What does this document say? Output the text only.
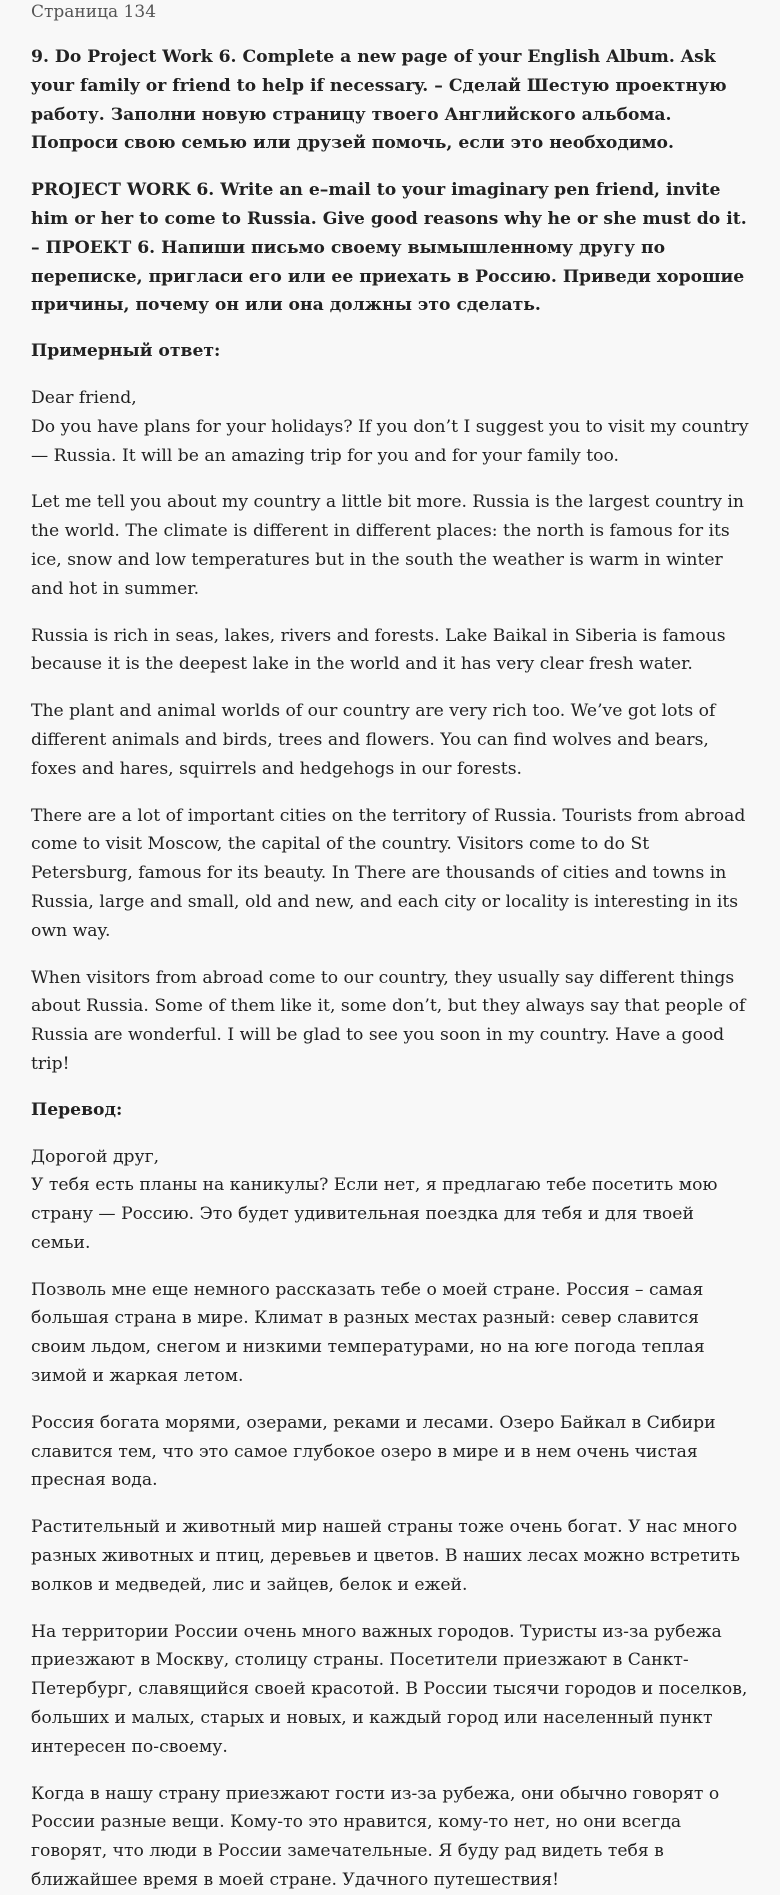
Страница 134

9. Do Project Work 6. Complete a new page of your English Album. Ask your family or friend to help if necessary. – Сделай Шестую проектную работу. Заполни новую страницу твоего Английского альбома. Попроси свою семью или друзей помочь, если это необходимо.

PROJECT WORK 6. Write an e–mail to your imaginary pen friend, invite him or her to come to Russia. Give good reasons why he or she must do it. – ПРОЕКТ 6. Напиши письмо своему вымышленному другу по переписке, пригласи его или ее приехать в Россию. Приведи хорошие причины, почему он или она должны это сделать.

Примерный ответ:

Dear friend,

Do you have plans for your holidays? If you don’t I suggest you to visit my country — Russia. It will be an amazing trip for you and for your family too.

Let me tell you about my country a little bit more. Russia is the largest country in the world. The climate is different in different places: the north is famous for its ice, snow and low temperatures but in the south the weather is warm in winter and hot in summer.

Russia is rich in seas, lakes, rivers and forests. Lake Baikal in Siberia is famous because it is the deepest lake in the world and it has very clear fresh water.

The plant and animal worlds of our country are very rich too. We’ve got lots of different animals and birds, trees and flowers. You can find wolves and bears, foxes and hares, squirrels and hedgehogs in our forests.

There are a lot of important cities on the territory of Russia. Tourists from abroad come to visit Moscow, the capital of the country. Visitors come to do St Petersburg, famous for its beauty. In There are thousands of cities and towns in Russia, large and small, old and new, and each city or locality is interesting in its own way.

When visitors from abroad come to our country, they usually say different things about Russia. Some of them like it, some don’t, but they always say that people of Russia are wonderful. I will be glad to see you soon in my country. Have a good trip!

Перевод:

Дорогой друг,

У тебя есть планы на каникулы? Если нет, я предлагаю тебе посетить мою страну — Россию. Это будет удивительная поездка для тебя и для твоей семьи.

Позволь мне еще немного рассказать тебе о моей стране. Россия – самая большая страна в мире. Климат в разных местах разный: север славится своим льдом, снегом и низкими температурами, но на юге погода теплая зимой и жаркая летом.

Россия богата морями, озерами, реками и лесами. Озеро Байкал в Сибири славится тем, что это самое глубокое озеро в мире и в нем очень чистая пресная вода.

Растительный и животный мир нашей страны тоже очень богат. У нас много разных животных и птиц, деревьев и цветов. В наших лесах можно встретить волков и медведей, лис и зайцев, белок и ежей.

На территории России очень много важных городов. Туристы из-за рубежа приезжают в Москву, столицу страны. Посетители приезжают в Санкт-Петербург, славящийся своей красотой. В России тысячи городов и поселков, больших и малых, старых и новых, и каждый город или населенный пункт интересен по-своему.

Когда в нашу страну приезжают гости из-за рубежа, они обычно говорят о России разные вещи. Кому-то это нравится, кому-то нет, но они всегда говорят, что люди в России замечательные. Я буду рад видеть тебя в ближайшее время в моей стране. Удачного путешествия!
